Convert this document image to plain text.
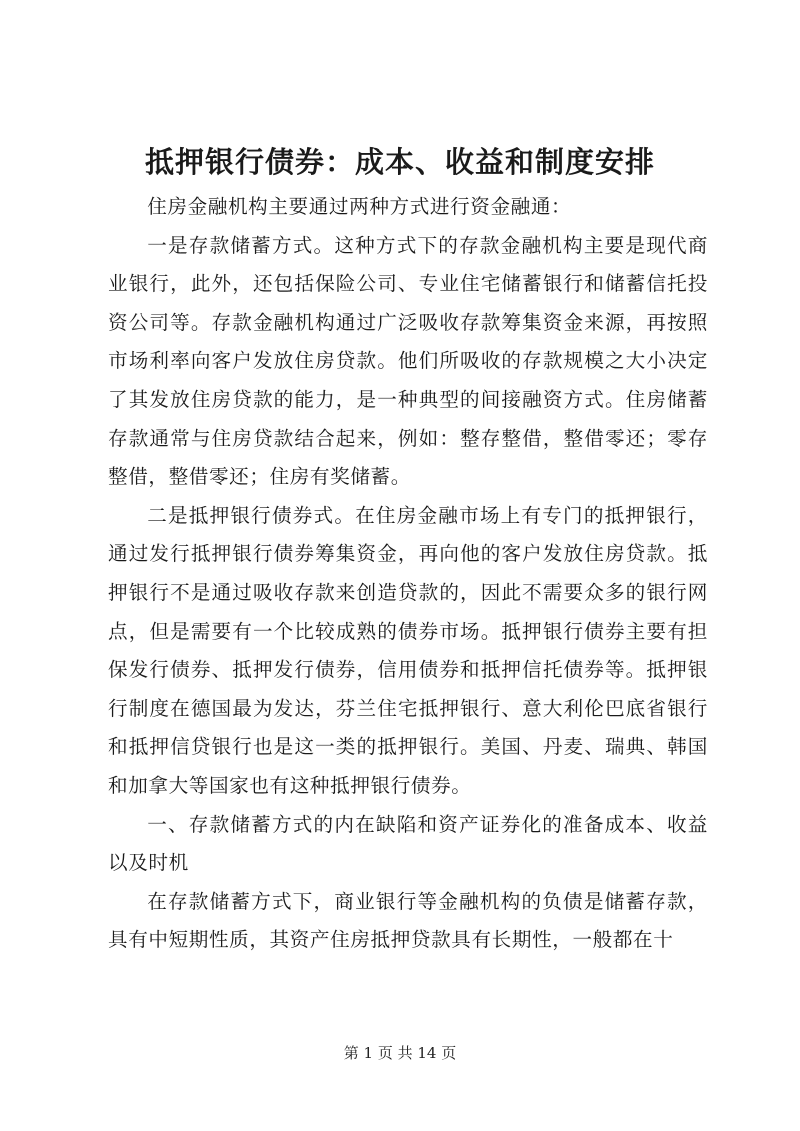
抵押银行债券：成本、收益和制度安排

住房金融机构主要通过两种方式进行资金融通：

一是存款储蓄方式。这种方式下的存款金融机构主要是现代商业银行，此外，还包括保险公司、专业住宅储蓄银行和储蓄信托投资公司等。存款金融机构通过广泛吸收存款筹集资金来源，再按照市场利率向客户发放住房贷款。他们所吸收的存款规模之大小决定了其发放住房贷款的能力，是一种典型的间接融资方式。住房储蓄存款通常与住房贷款结合起来，例如：整存整借，整借零还；零存整借，整借零还；住房有奖储蓄。

二是抵押银行债券式。在住房金融市场上有专门的抵押银行，通过发行抵押银行债券筹集资金，再向他的客户发放住房贷款。抵押银行不是通过吸收存款来创造贷款的，因此不需要众多的银行网点，但是需要有一个比较成熟的债券市场。抵押银行债券主要有担保发行债券、抵押发行债券，信用债券和抵押信托债券等。抵押银行制度在德国最为发达，芬兰住宅抵押银行、意大利伦巴底省银行和抵押信贷银行也是这一类的抵押银行。美国、丹麦、瑞典、韩国和加拿大等国家也有这种抵押银行债券。

一、存款储蓄方式的内在缺陷和资产证券化的准备成本、收益以及时机

在存款储蓄方式下，商业银行等金融机构的负债是储蓄存款，具有中短期性质，其资产住房抵押贷款具有长期性，一般都在十

第 1 页 共 14 页
